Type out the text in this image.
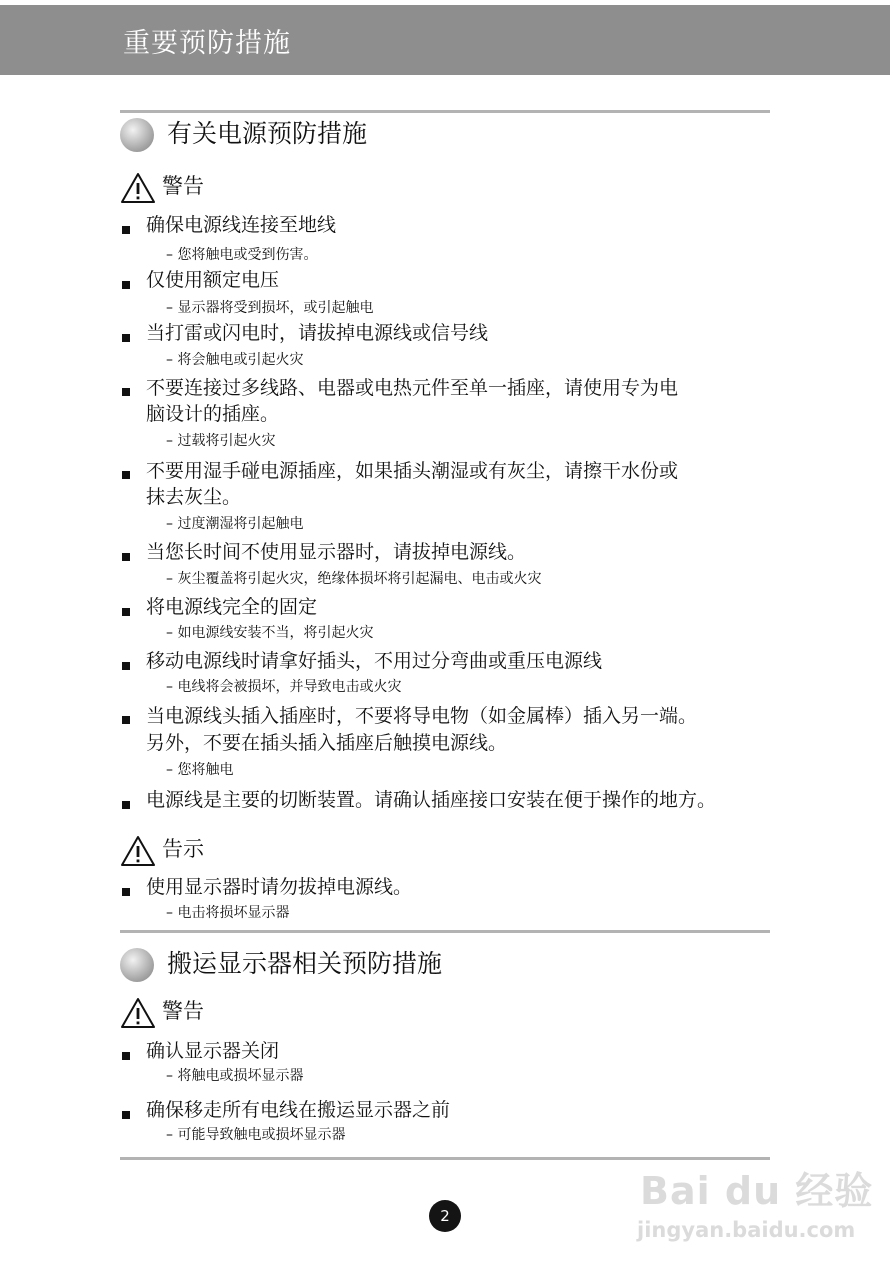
重要预防措施
有关电源预防措施
警告
确保电源线连接至地线
– 您将触电或受到伤害。
仅使用额定电压
– 显示器将受到损坏，或引起触电
当打雷或闪电时，请拔掉电源线或信号线
– 将会触电或引起火灾
不要连接过多线路、电器或电热元件至单一插座，请使用专为电
脑设计的插座。
– 过载将引起火灾
不要用湿手碰电源插座，如果插头潮湿或有灰尘，请擦干水份或
抹去灰尘。
– 过度潮湿将引起触电
当您长时间不使用显示器时，请拔掉电源线。
– 灰尘覆盖将引起火灾，绝缘体损坏将引起漏电、电击或火灾
将电源线完全的固定
– 如电源线安装不当，将引起火灾
移动电源线时请拿好插头，不用过分弯曲或重压电源线
– 电线将会被损坏，并导致电击或火灾
当电源线头插入插座时，不要将导电物（如金属棒）插入另一端。
另外，不要在插头插入插座后触摸电源线。
– 您将触电
电源线是主要的切断装置。请确认插座接口安装在便于操作的地方。
告示
使用显示器时请勿拔掉电源线。
– 电击将损坏显示器
搬运显示器相关预防措施
警告
确认显示器关闭
– 将触电或损坏显示器
确保移走所有电线在搬运显示器之前
– 可能导致触电或损坏显示器
2
Bai du 经验
jingyan.baidu.com
